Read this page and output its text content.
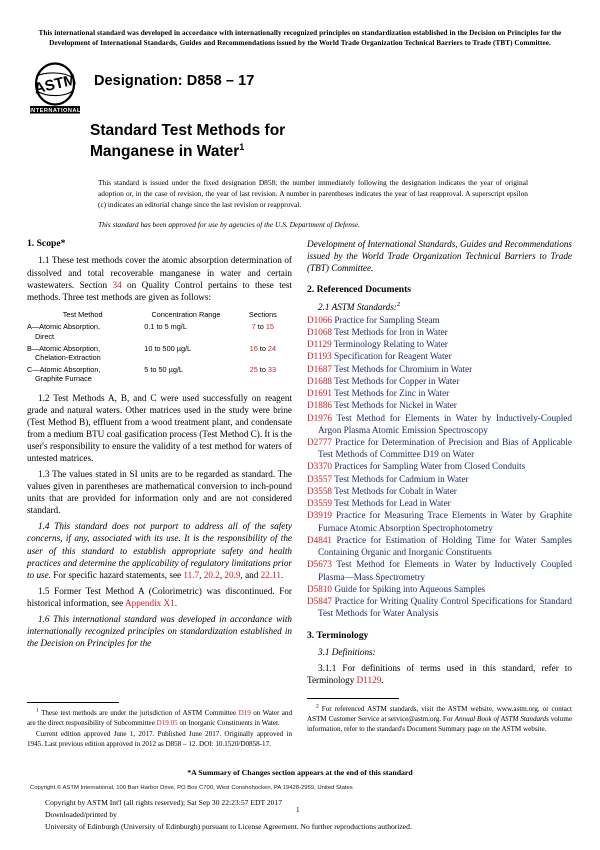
This international standard was developed in accordance with internationally recognized principles on standardization established in the Decision on Principles for the Development of International Standards, Guides and Recommendations issued by the World Trade Organization Technical Barriers to Trade (TBT) Committee.
ASTM
INTERNATIONAL
Designation: D858 – 17
Standard Test Methods for
Manganese in Water$^1$
This standard is issued under the fixed designation D858; the number immediately following the designation indicates the year of original adoption or, in the case of revision, the year of last revision. A number in parentheses indicates the year of last reapproval. A superscript epsilon (ε) indicates an editorial change since the last revision or reapproval.
This standard has been approved for use by agencies of the U.S. Department of Defense.
1. Scope*

1.1 These test methods cover the atomic absorption determination of dissolved and total recoverable manganese in water and certain wastewaters. Section 34 on Quality Control pertains to these test methods. Three test methods are given as follows:

Test Method	Concentration Range	Sections
A—Atomic Absorption,
Direct	0.1 to 5 mg/L	7 to 15
B—Atomic Absorption,
Chelation-Extraction	10 to 500 µg/L	16 to 24
C—Atomic Absorption,
Graphite Furnace	5 to 50 µg/L	25 to 33

1.2 Test Methods A, B, and C were used successfully on reagent grade and natural waters. Other matrices used in the study were brine (Test Method B), effluent from a wood treatment plant, and condensate from a medium BTU coal gasification process (Test Method C). It is the user's responsibility to ensure the validity of a test method for waters of untested matrices.

1.3 The values stated in SI units are to be regarded as standard. The values given in parentheses are mathematical conversion to inch-pound units that are provided for information only and are not considered standard.

1.4 This standard does not purport to address all of the safety concerns, if any, associated with its use. It is the responsibility of the user of this standard to establish appropriate safety and health practices and determine the applicability of regulatory limitations prior to use. For specific hazard statements, see 11.7, 20.2, 20.9, and 22.11.

1.5 Former Test Method A (Colorimetric) was discontinued. For historical information, see Appendix X1.

1.6 This international standard was developed in accordance with internationally recognized principles on standardization established in the Decision on Principles for the

Development of International Standards, Guides and Recommendations issued by the World Trade Organization Technical Barriers to Trade (TBT) Committee.

2. Referenced Documents

2.1 ASTM Standards:$^2$

D1066 Practice for Sampling Steam
D1068 Test Methods for Iron in Water
D1129 Terminology Relating to Water
D1193 Specification for Reagent Water
D1687 Test Methods for Chromium in Water
D1688 Test Methods for Copper in Water
D1691 Test Methods for Zinc in Water
D1886 Test Methods for Nickel in Water
D1976 Test Method for Elements in Water by Inductively-Coupled Argon Plasma Atomic Emission Spectroscopy
D2777 Practice for Determination of Precision and Bias of Applicable Test Methods of Committee D19 on Water
D3370 Practices for Sampling Water from Closed Conduits
D3557 Test Methods for Cadmium in Water
D3558 Test Methods for Cobalt in Water
D3559 Test Methods for Lead in Water
D3919 Practice for Measuring Trace Elements in Water by Graphite Furnace Atomic Absorption Spectrophotometry
D4841 Practice for Estimation of Holding Time for Water Samples Containing Organic and Inorganic Constituents
D5673 Test Method for Elements in Water by Inductively Coupled Plasma—Mass Spectrometry
D5810 Guide for Spiking into Aqueous Samples
D5847 Practice for Writing Quality Control Specifications for Standard Test Methods for Water Analysis
3. Terminology

3.1 Definitions:

3.1.1 For definitions of terms used in this standard, refer to Terminology D1129.

$^1$ These test methods are under the jurisdiction of ASTM Committee D19 on Water and are the direct responsibility of Subcommittee D19.05 on Inorganic Constituents in Water.

Current edition approved June 1, 2017. Published June 2017. Originally approved in 1945. Last previous edition approved in 2012 as D858 – 12. DOI: 10.1520/D0858-17.

$^2$ For referenced ASTM standards, visit the ASTM website, www.astm.org, or contact ASTM Customer Service at service@astm.org. For Annual Book of ASTM Standards volume information, refer to the standard's Document Summary page on the ASTM website.

*A Summary of Changes section appears at the end of this standard
Copyright © ASTM International, 100 Barr Harbor Drive, PO Box C700, West Conshohocken, PA 19428-2959, United States
Copyright by ASTM Int'l (all rights reserved); Sat Sep 30 22:23:57 EDT 2017
Downloaded/printed by
University of Edinburgh (University of Edinburgh) pursuant to License Agreement. No further reproductions authorized.
1
